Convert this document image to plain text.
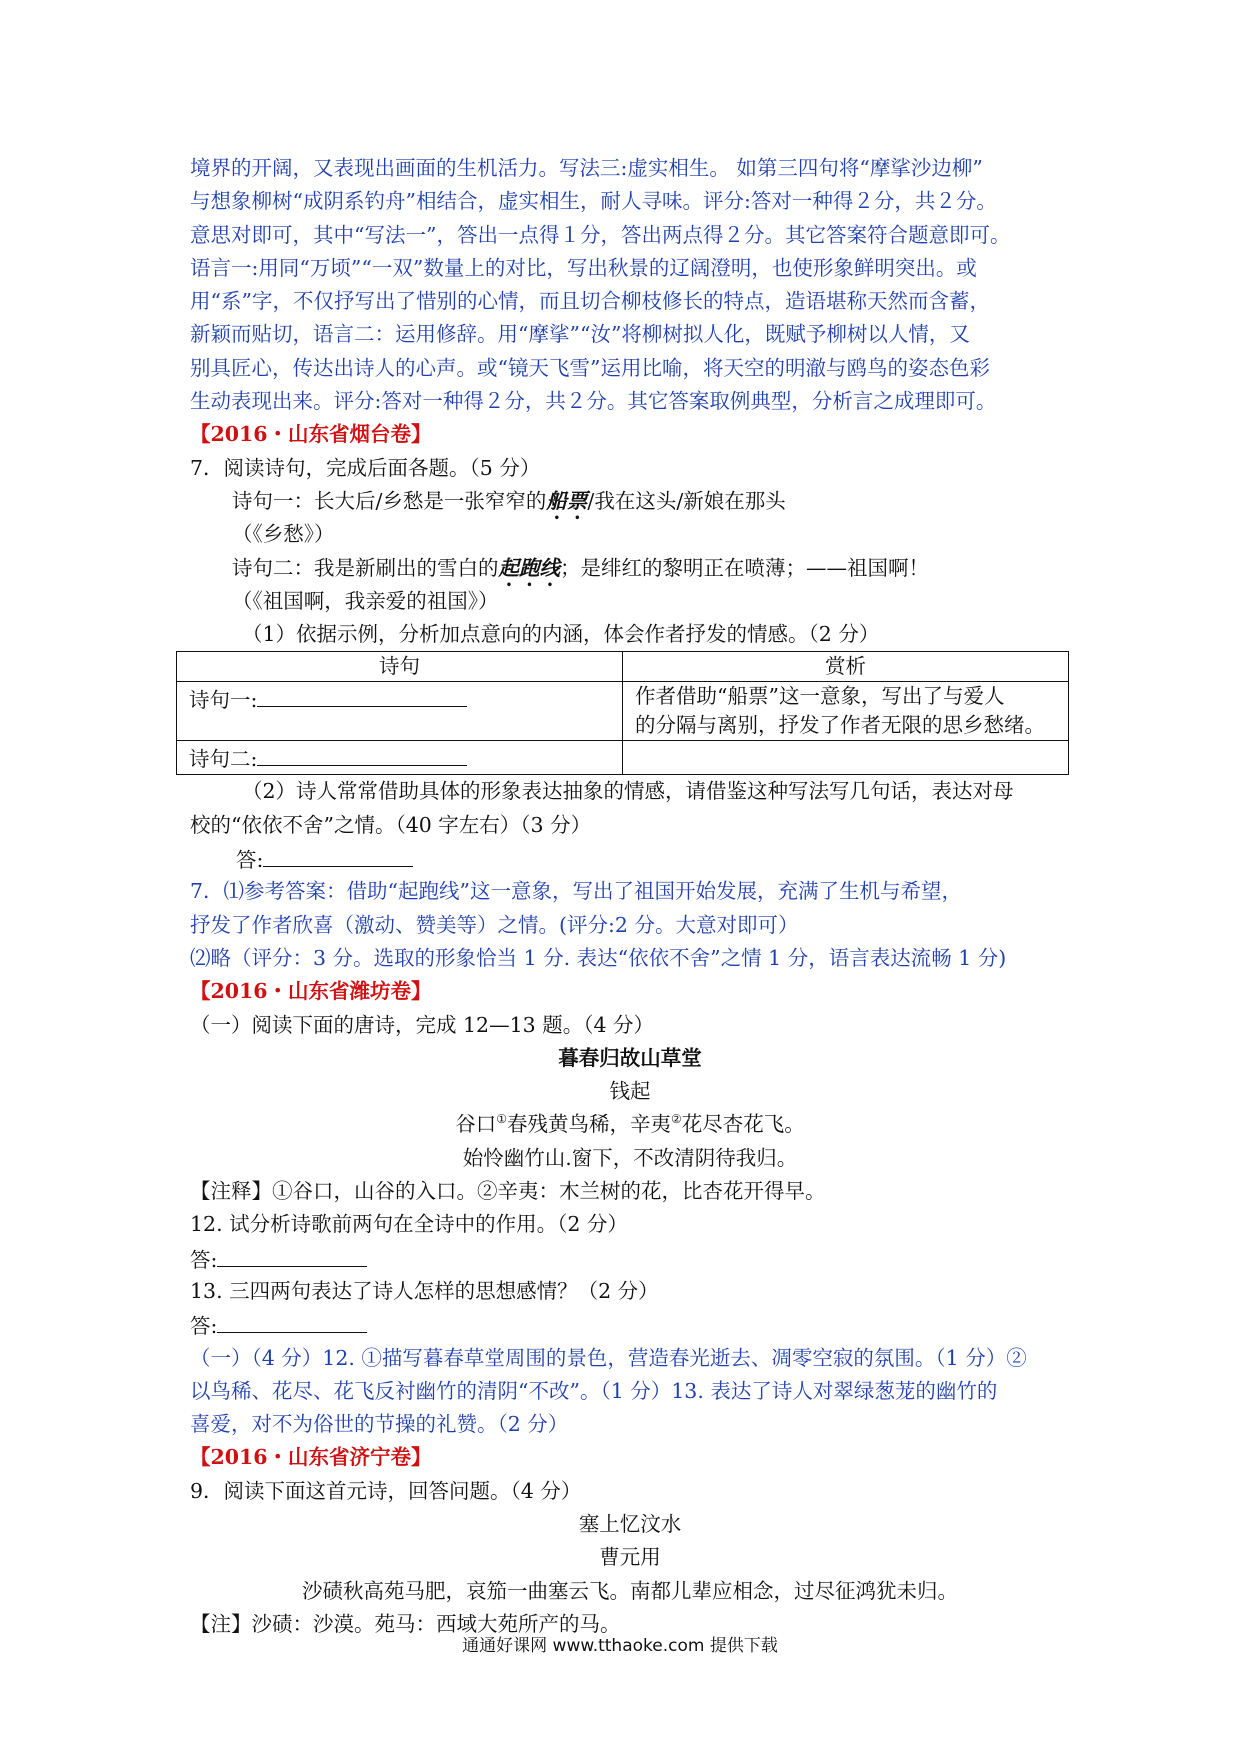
境界的开阔，又表现出画面的生机活力。写法三:虚实相生。 如第三四句将“摩挲沙边柳”
与想象柳树“成阴系钓舟”相结合，虚实相生，耐人寻味。评分:答对一种得２分，共２分。
意思对即可，其中“写法一”，答出一点得１分，答出两点得２分。其它答案符合题意即可。
语言一:用同“万顷”“一双”数量上的对比，写出秋景的辽阔澄明，也使形象鲜明突出。或
用“系”字，不仅抒写出了惜别的心情，而且切合柳枝修长的特点，造语堪称天然而含蓄，
新颖而贴切，语言二：运用修辞。用“摩挲”“汝”将柳树拟人化，既赋予柳树以人情，又
别具匠心，传达出诗人的心声。或“镜天飞雪”运用比喻，将天空的明澈与鸥鸟的姿态色彩
生动表现出来。评分:答对一种得２分，共２分。其它答案取例典型，分析言之成理即可。
【2016・山东省烟台卷】
7．阅读诗句，完成后面各题。（5 分）
诗句一：长大后/乡愁是一张窄窄的船票/我在这头/新娘在那头
（《乡愁》）
诗句二：我是新刷出的雪白的起跑线；是绯红的黎明正在喷薄；——祖国啊！
（《祖国啊，我亲爱的祖国》）
（1）依据示例，分析加点意向的内涵，体会作者抒发的情感。（2 分）
诗句	赏析
诗句一:	作者借助“船票”这一意象，写出了与爱人
的分隔与离别，抒发了作者无限的思乡愁绪。

诗句二:	
（2）诗人常常借助具体的形象表达抽象的情感，请借鉴这种写法写几句话，表达对母
校的“依依不舍”之情。（40 字左右）（3 分）
答:
7．⑴参考答案：借助“起跑线”这一意象，写出了祖国开始发展，充满了生机与希望，
抒发了作者欣喜（激动、赞美等）之情。(评分:2 分。大意对即可）
⑵略（评分：3 分。选取的形象恰当 1 分. 表达“依依不舍”之情 1 分，语言表达流畅 1 分)
【2016・山东省潍坊卷】
（一）阅读下面的唐诗，完成 12—13 题。（4 分）
暮春归故山草堂
钱起
谷口①春残黄鸟稀，辛夷②花尽杏花飞。
始怜幽竹山.窗下，不改清阴待我归。
【注释】①谷口，山谷的入口。②辛夷：木兰树的花，比杏花开得早。
12. 试分析诗歌前两句在全诗中的作用。（2 分）
答:
13. 三四两句表达了诗人怎样的思想感情？（2 分）
答:
（一）（4 分）12. ①描写暮春草堂周围的景色，营造春光逝去、凋零空寂的氛围。（1 分）②
以鸟稀、花尽、花飞反衬幽竹的清阴“不改”。（1 分）13. 表达了诗人对翠绿葱茏的幽竹的
喜爱，对不为俗世的节操的礼赞。（2 分）
【2016・山东省济宁卷】
9．阅读下面这首元诗，回答问题。（4 分）
塞上忆汶水
曹元用
沙碛秋高苑马肥，哀笳一曲塞云飞。南都儿辈应相念，过尽征鸿犹未归。
【注】沙碛：沙漠。苑马：西域大苑所产的马。
通通好课网 www.tthaoke.com 提供下载
